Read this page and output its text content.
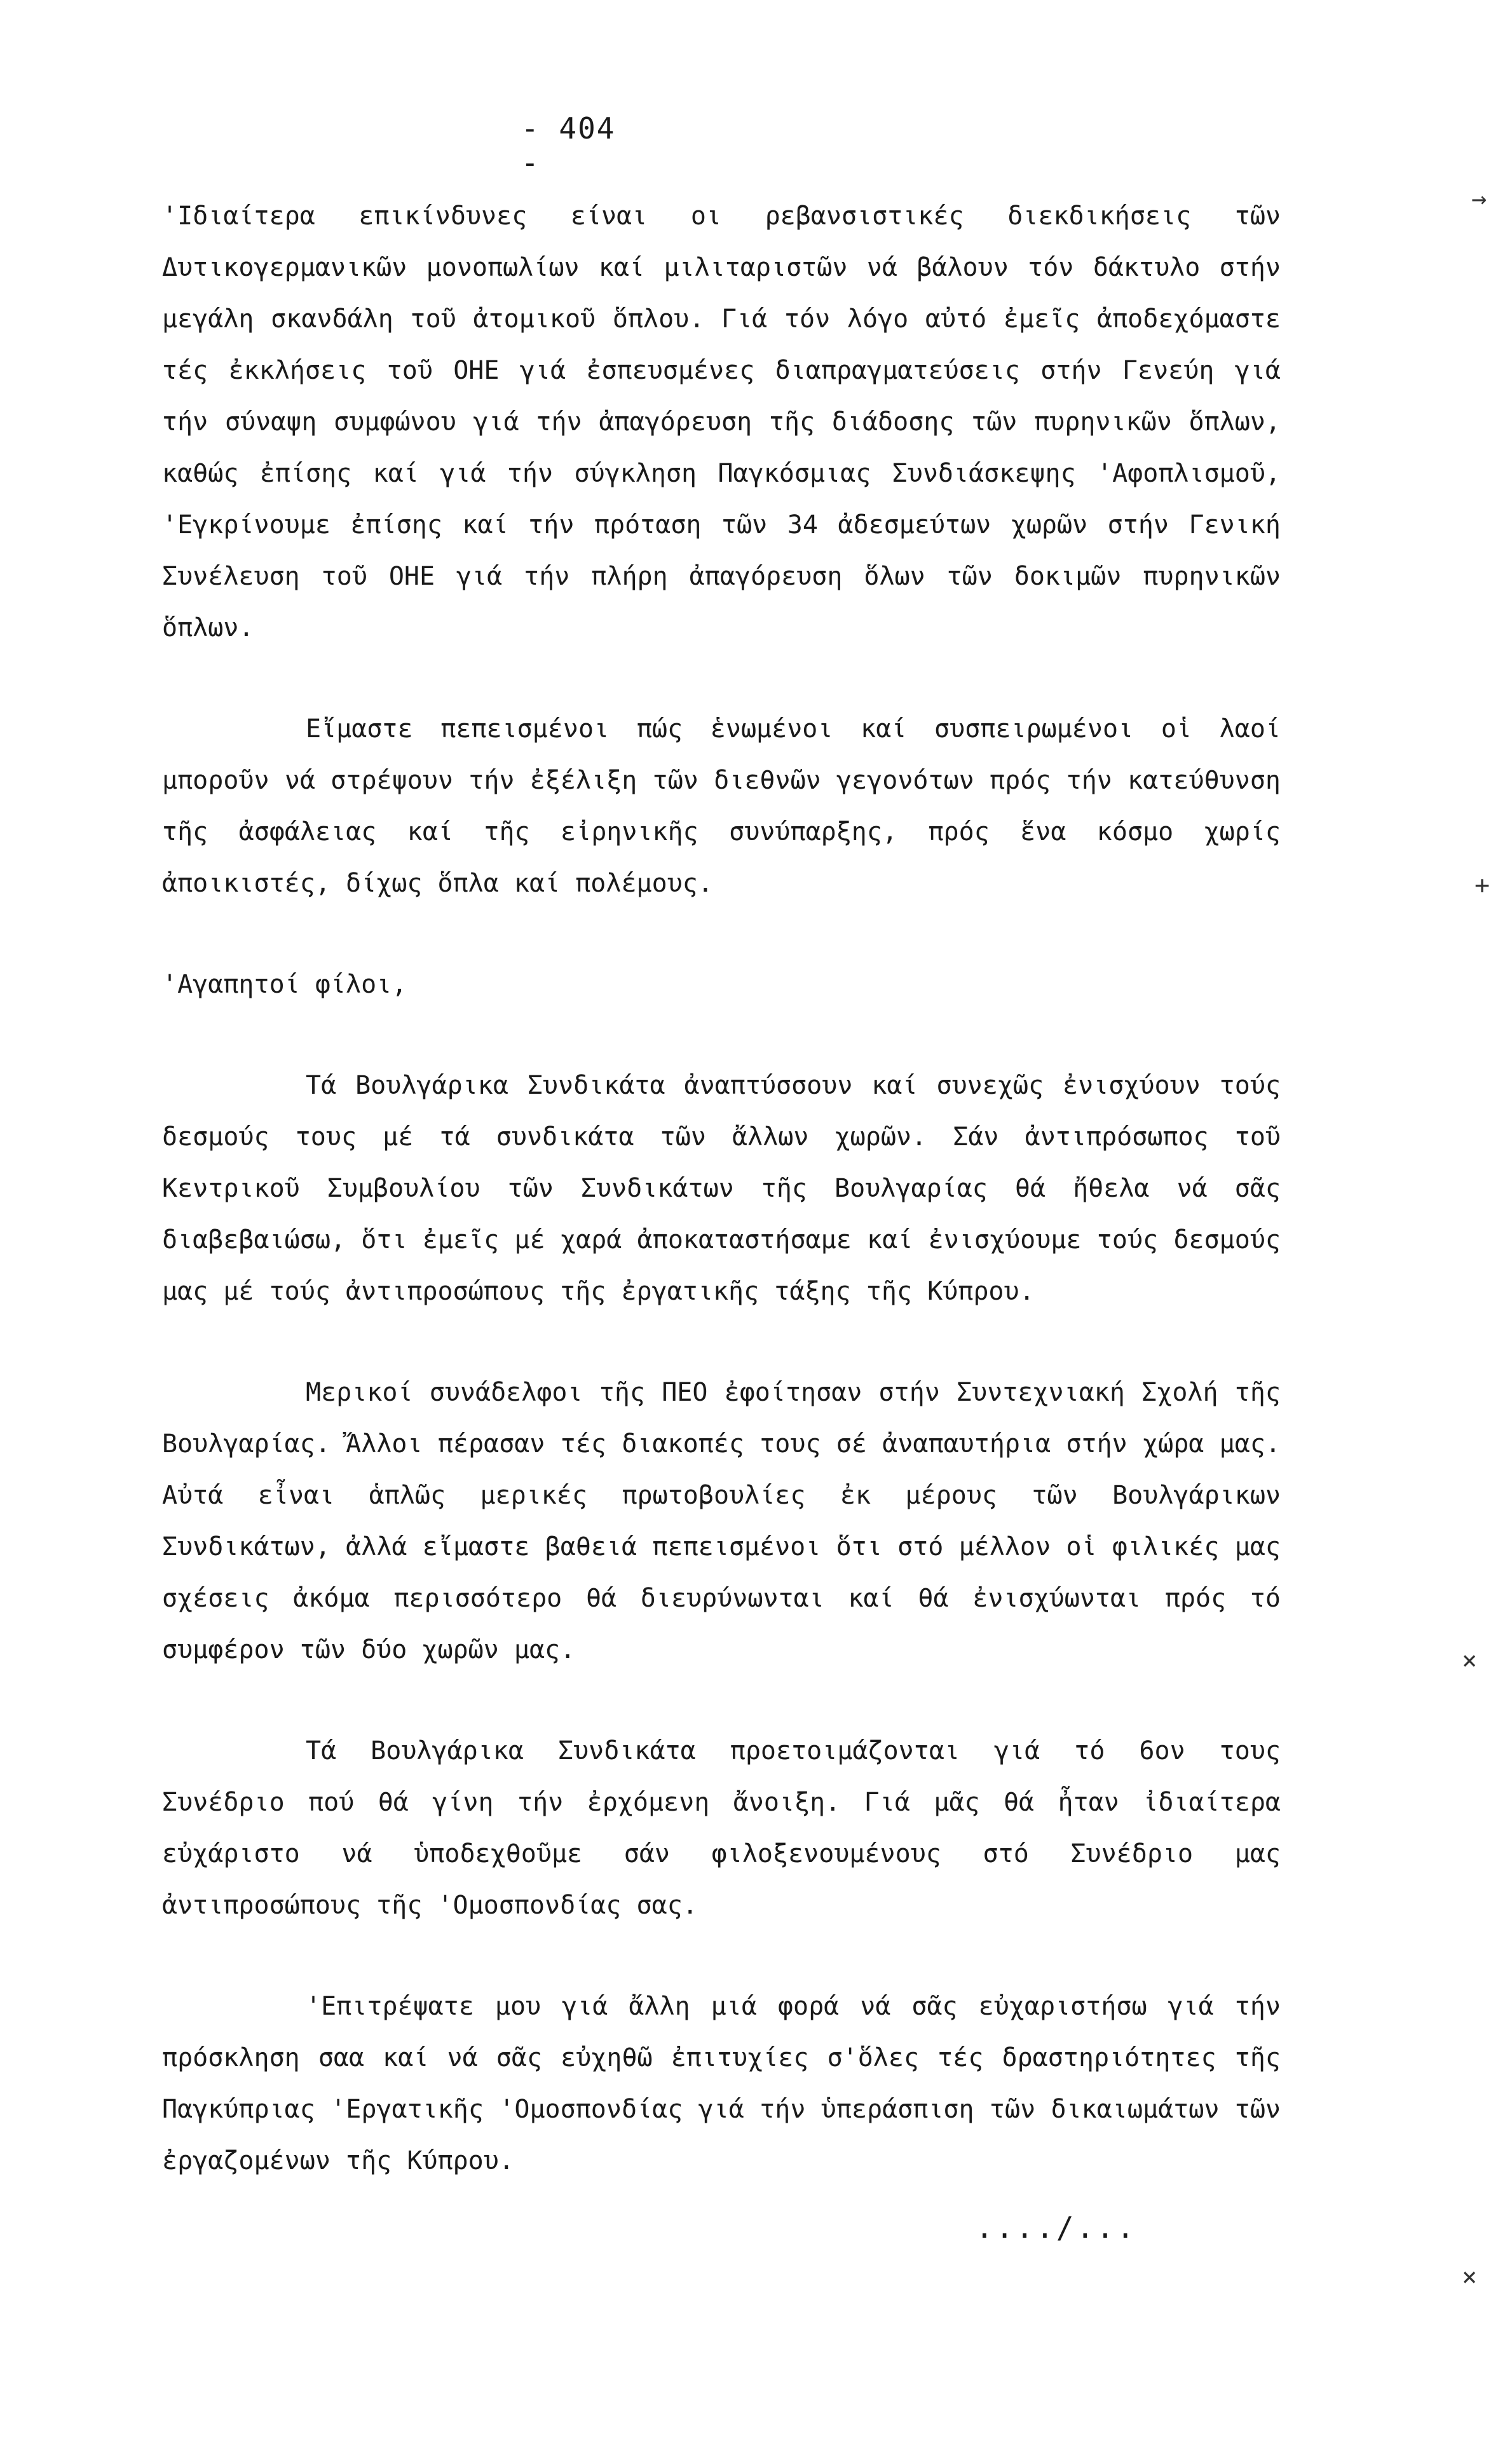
- 404 -

'Ιδιαίτερα επικίνδυνες είναι οι ρεβανσιστικές διεκδικήσεις τῶν Δυτικογερμανικῶν μονοπωλίων καί μιλιταριστῶν νά βάλουν τόν δάκτυλο στήν μεγάλη σκανδάλη τοῦ ἀτομικοῦ ὅπλου. Γιά τόν λόγο αὐτό ἐμεῖς ἀποδεχόμαστε τές ἐκκλήσεις τοῦ ΟΗΕ γιά ἐσπευσμένες διαπραγματεύσεις στήν Γενεύη γιά τήν σύναψη συμφώνου γιά τήν ἀπαγόρευση τῆς διάδοσης τῶν πυρηνικῶν ὅπλων, καθώς ἐπίσης καί γιά τήν σύγκληση Παγκόσμιας Συνδιάσκεψης 'Αφοπλισμοῦ, 'Εγκρίνουμε ἐπίσης καί τήν πρόταση τῶν 34 ἀδεσμεύτων χωρῶν στήν Γενική Συνέλευση τοῦ ΟΗΕ γιά τήν πλήρη ἀπαγόρευση ὅλων τῶν δοκιμῶν πυρηνικῶν ὅπλων.

Εἴμαστε πεπεισμένοι πώς ἑνωμένοι καί συσπειρωμένοι οἱ λαοί μποροῦν νά στρέψουν τήν ἐξέλιξη τῶν διεθνῶν γεγονότων πρός τήν κατεύθυνση τῆς ἀσφάλειας καί τῆς εἰρηνικῆς συνύπαρξης, πρός ἕνα κόσμο χωρίς ἀποικιστές, δίχως ὅπλα καί πολέμους.

'Αγαπητοί φίλοι,

Τά Βουλγάρικα Συνδικάτα ἀναπτύσσουν καί συνεχῶς ἐνισχύουν τούς δεσμούς τους μέ τά συνδικάτα τῶν ἄλλων χωρῶν. Σάν ἀντιπρόσωπος τοῦ Κεντρικοῦ Συμβουλίου τῶν Συνδικάτων τῆς Βουλγαρίας θά ἤθελα νά σᾶς διαβεβαιώσω, ὅτι ἐμεῖς μέ χαρά ἀποκαταστήσαμε καί ἐνισχύουμε τούς δεσμούς μας μέ τούς ἀντιπροσώπους τῆς ἐργατικῆς τάξης τῆς Κύπρου.

Μερικοί συνάδελφοι τῆς ΠΕΟ ἐφοίτησαν στήν Συντεχνιακή Σχολή τῆς Βουλγαρίας. Ἄλλοι πέρασαν τές διακοπές τους σέ ἀναπαυτήρια στήν χώρα μας. Αὐτά εἶναι ἁπλῶς μερικές πρωτοβουλίες ἐκ μέρους τῶν Βουλγάρικων Συνδικάτων, ἀλλά εἴμαστε βαθειά πεπεισμένοι ὅτι στό μέλλον οἱ φιλικές μας σχέσεις ἀκόμα περισσότερο θά διευρύνωνται καί θά ἐνισχύωνται πρός τό συμφέρον τῶν δύο χωρῶν μας.

Τά Βουλγάρικα Συνδικάτα προετοιμάζονται γιά τό 6ον τους Συνέδριο πού θά γίνη τήν ἐρχόμενη ἄνοιξη. Γιά μᾶς θά ἦταν ἰδιαίτερα εὐχάριστο νά ὑποδεχθοῦμε σάν φιλοξενουμένους στό Συνέδριο μας ἀντιπροσώπους τῆς 'Ομοσπονδίας σας.

'Επιτρέψατε μου γιά ἄλλη μιά φορά νά σᾶς εὐχαριστήσω γιά τήν πρόσκληση σαα καί νά σᾶς εὐχηθῶ ἐπιτυχίες σ'ὅλες τές δραστηριότητες τῆς Παγκύπριας 'Εργατικῆς 'Ομοσπονδίας γιά τήν ὑπεράσπιση τῶν δικαιωμάτων τῶν ἐργαζομένων τῆς Κύπρου.

..../...
→
+
×
×
